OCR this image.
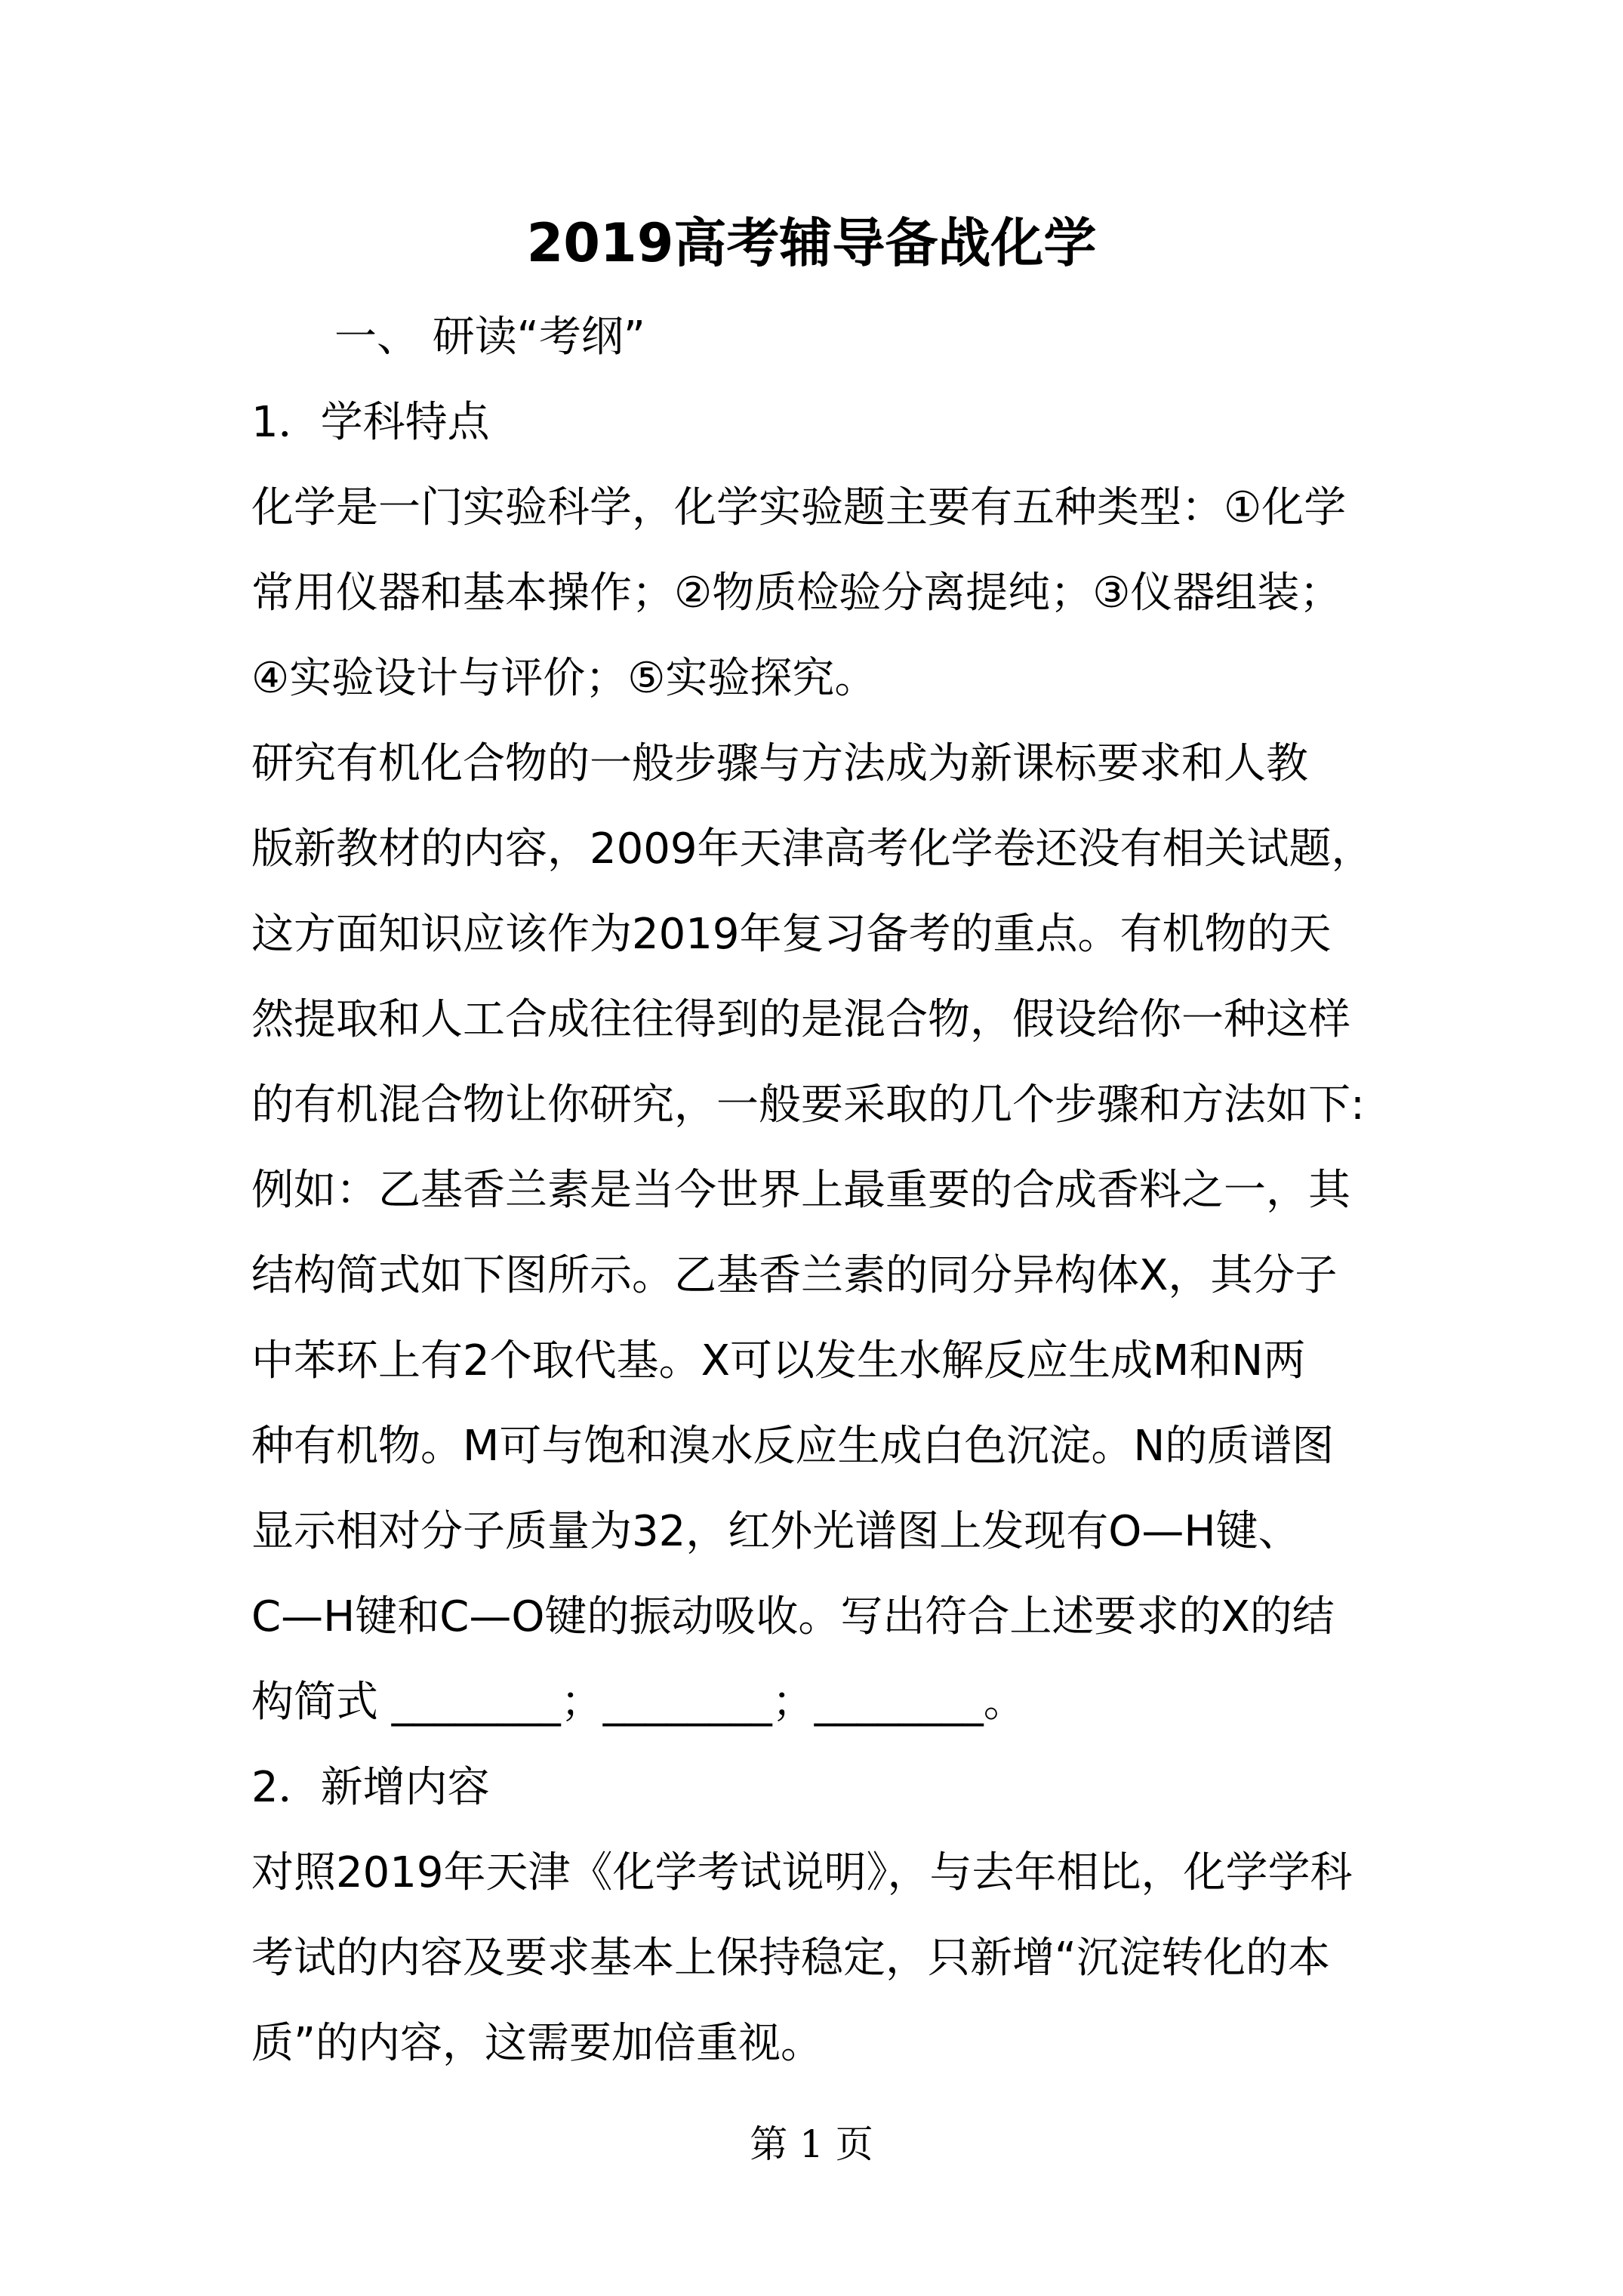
2019高考辅导备战化学
一、 研读“考纲”
1．学科特点
化学是一门实验科学，化学实验题主要有五种类型：①化学
常用仪器和基本操作；②物质检验分离提纯；③仪器组装；
④实验设计与评价；⑤实验探究。
研究有机化合物的一般步骤与方法成为新课标要求和人教
版新教材的内容，2009年天津高考化学卷还没有相关试题，
这方面知识应该作为2019年复习备考的重点。有机物的天
然提取和人工合成往往得到的是混合物，假设给你一种这样
的有机混合物让你研究，一般要采取的几个步骤和方法如下:
例如：乙基香兰素是当今世界上最重要的合成香料之一，其
结构简式如下图所示。乙基香兰素的同分异构体X，其分子
中苯环上有2个取代基。X可以发生水解反应生成M和N两
种有机物。M可与饱和溴水反应生成白色沉淀。N的质谱图
显示相对分子质量为32，红外光谱图上发现有O—H键、
C—H键和C—O键的振动吸收。写出符合上述要求的X的结
构简式 ________；________；________。
2．新增内容
对照2019年天津《化学考试说明》，与去年相比，化学学科
考试的内容及要求基本上保持稳定，只新增“沉淀转化的本
质”的内容，这需要加倍重视。
第 1 页
